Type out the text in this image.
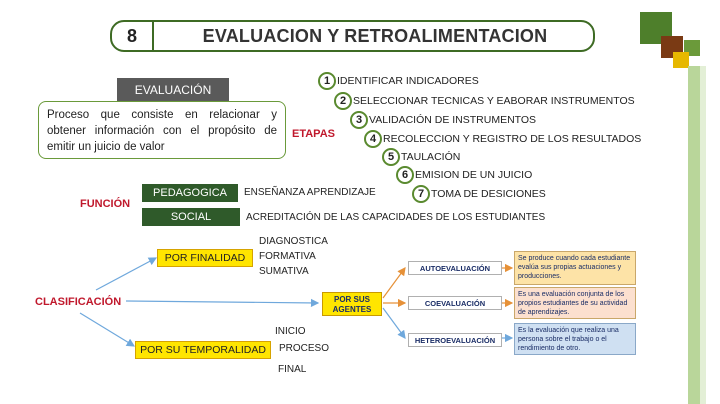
8	EVALUACION Y RETROALIMENTACION
EVALUACIÓN
Proceso que consiste en relacionar y obtener información con el propósito de emitir un juicio de valor
ETAPAS
1 IDENTIFICAR INDICADORES
2 SELECCIONAR TECNICAS Y EABORAR INSTRUMENTOS
3 VALIDACIÓN DE INSTRUMENTOS
4 RECOLECCION Y REGISTRO DE LOS RESULTADOS
5 TAULACIÓN
6 EMISION DE UN JUICIO
7 TOMA DE DESICIONES
FUNCIÓN
PEDAGOGICA	ENSEÑANZA APRENDIZAJE
SOCIAL	ACREDITACIÓN DE LAS CAPACIDADES DE LOS ESTUDIANTES
CLASIFICACIÓN
POR FINALIDAD
DIAGNOSTICA
FORMATIVA
SUMATIVA
POR SU TEMPORALIDAD
INICIO
PROCESO
FINAL
POR SUS AGENTES
AUTOEVALUACIÓN
Se produce cuando cada estudiante evalúa sus propias actuaciones y producciones.
COEVALUACIÓN
Es una evaluación conjunta de los propios estudiantes de su actividad de aprendizajes.
HETEROEVALUACIÓN
Es la evaluación que realiza una persona sobre el trabajo o el rendimiento de otro.
